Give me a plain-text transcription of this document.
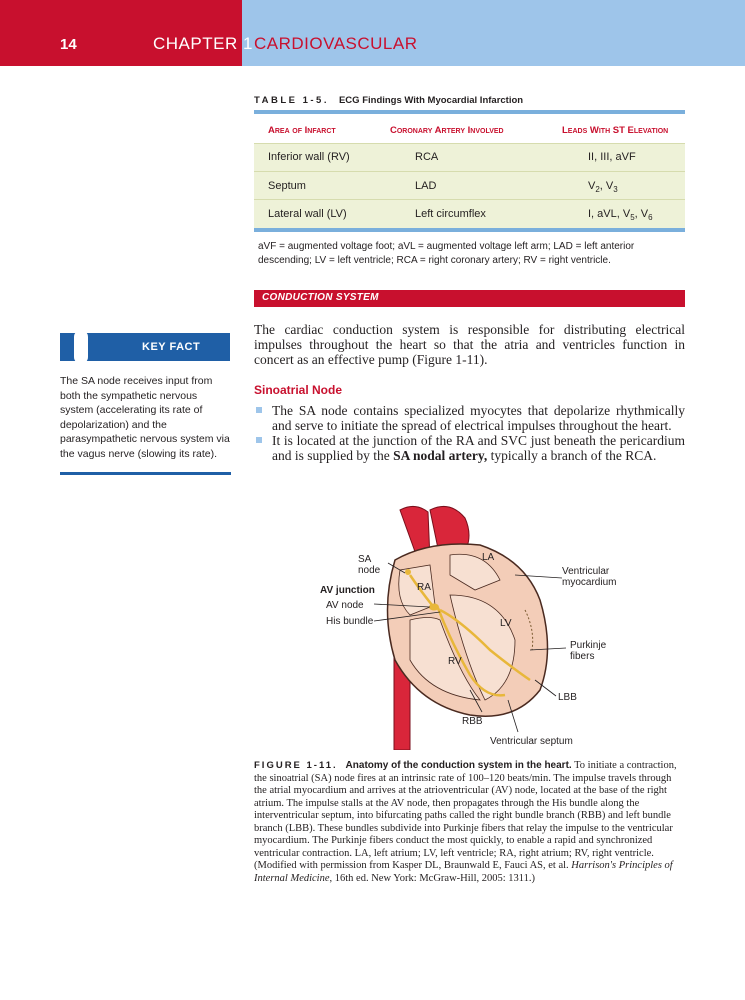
14	CHAPTER 1 CARDIOVASCULAR
TABLE 1-5. ECG Findings With Myocardial Infarction
Area of Infarct	Coronary Artery Involved	Leads With ST Elevation
Inferior wall (RV)	RCA	II, III, aVF
Septum	LAD	$V_2$, $V_3$
Lateral wall (LV)	Left circumflex	I, aVL, $V_5$, $V_6$
aVF = augmented voltage foot; aVL = augmented voltage left arm; LAD = left anterior descending; LV = left ventricle; RCA = right coronary artery; RV = right ventricle.
CONDUCTION SYSTEM
The cardiac conduction system is responsible for distributing electrical impulses throughout the heart so that the atria and ventricles function in concert as an effective pump (Figure 1-11).
Sinoatrial Node
The SA node contains specialized myocytes that depolarize rhythmically and serve to initiate the spread of electrical impulses throughout the heart.
It is located at the junction of the RA and SVC just beneath the pericardium and is supplied by the SA nodal artery, typically a branch of the RCA.
KEY FACT
The SA node receives input from both the sympathetic nervous system (accelerating its rate of depolarization) and the parasympathetic nervous system via the vagus nerve (slowing its rate).
SA
node
AV junction
AV node
His bundle
RA
LA
LV
RV
Ventricular
myocardium
Purkinje
fibers
LBB
RBB
Ventricular septum
FIGURE 1-11. Anatomy of the conduction system in the heart. To initiate a contraction, the sinoatrial (SA) node fires at an intrinsic rate of 100–120 beats/min. The impulse travels through the atrial myocardium and arrives at the atrioventricular (AV) node, located at the base of the right atrium. The impulse stalls at the AV node, then propagates through the His bundle along the interventricular septum, into bifurcating paths called the right bundle branch (RBB) and left bundle branch (LBB). These bundles subdivide into Purkinje fibers that relay the impulse to the ventricular myocardium. The Purkinje fibers conduct the most quickly, to enable a rapid and synchronized ventricular contraction. LA, left atrium; LV, left ventricle; RA, right atrium; RV, right ventricle. (Modified with permission from Kasper DL, Braunwald E, Fauci AS, et al. Harrison's Principles of Internal Medicine, 16th ed. New York: McGraw-Hill, 2005: 1311.)
